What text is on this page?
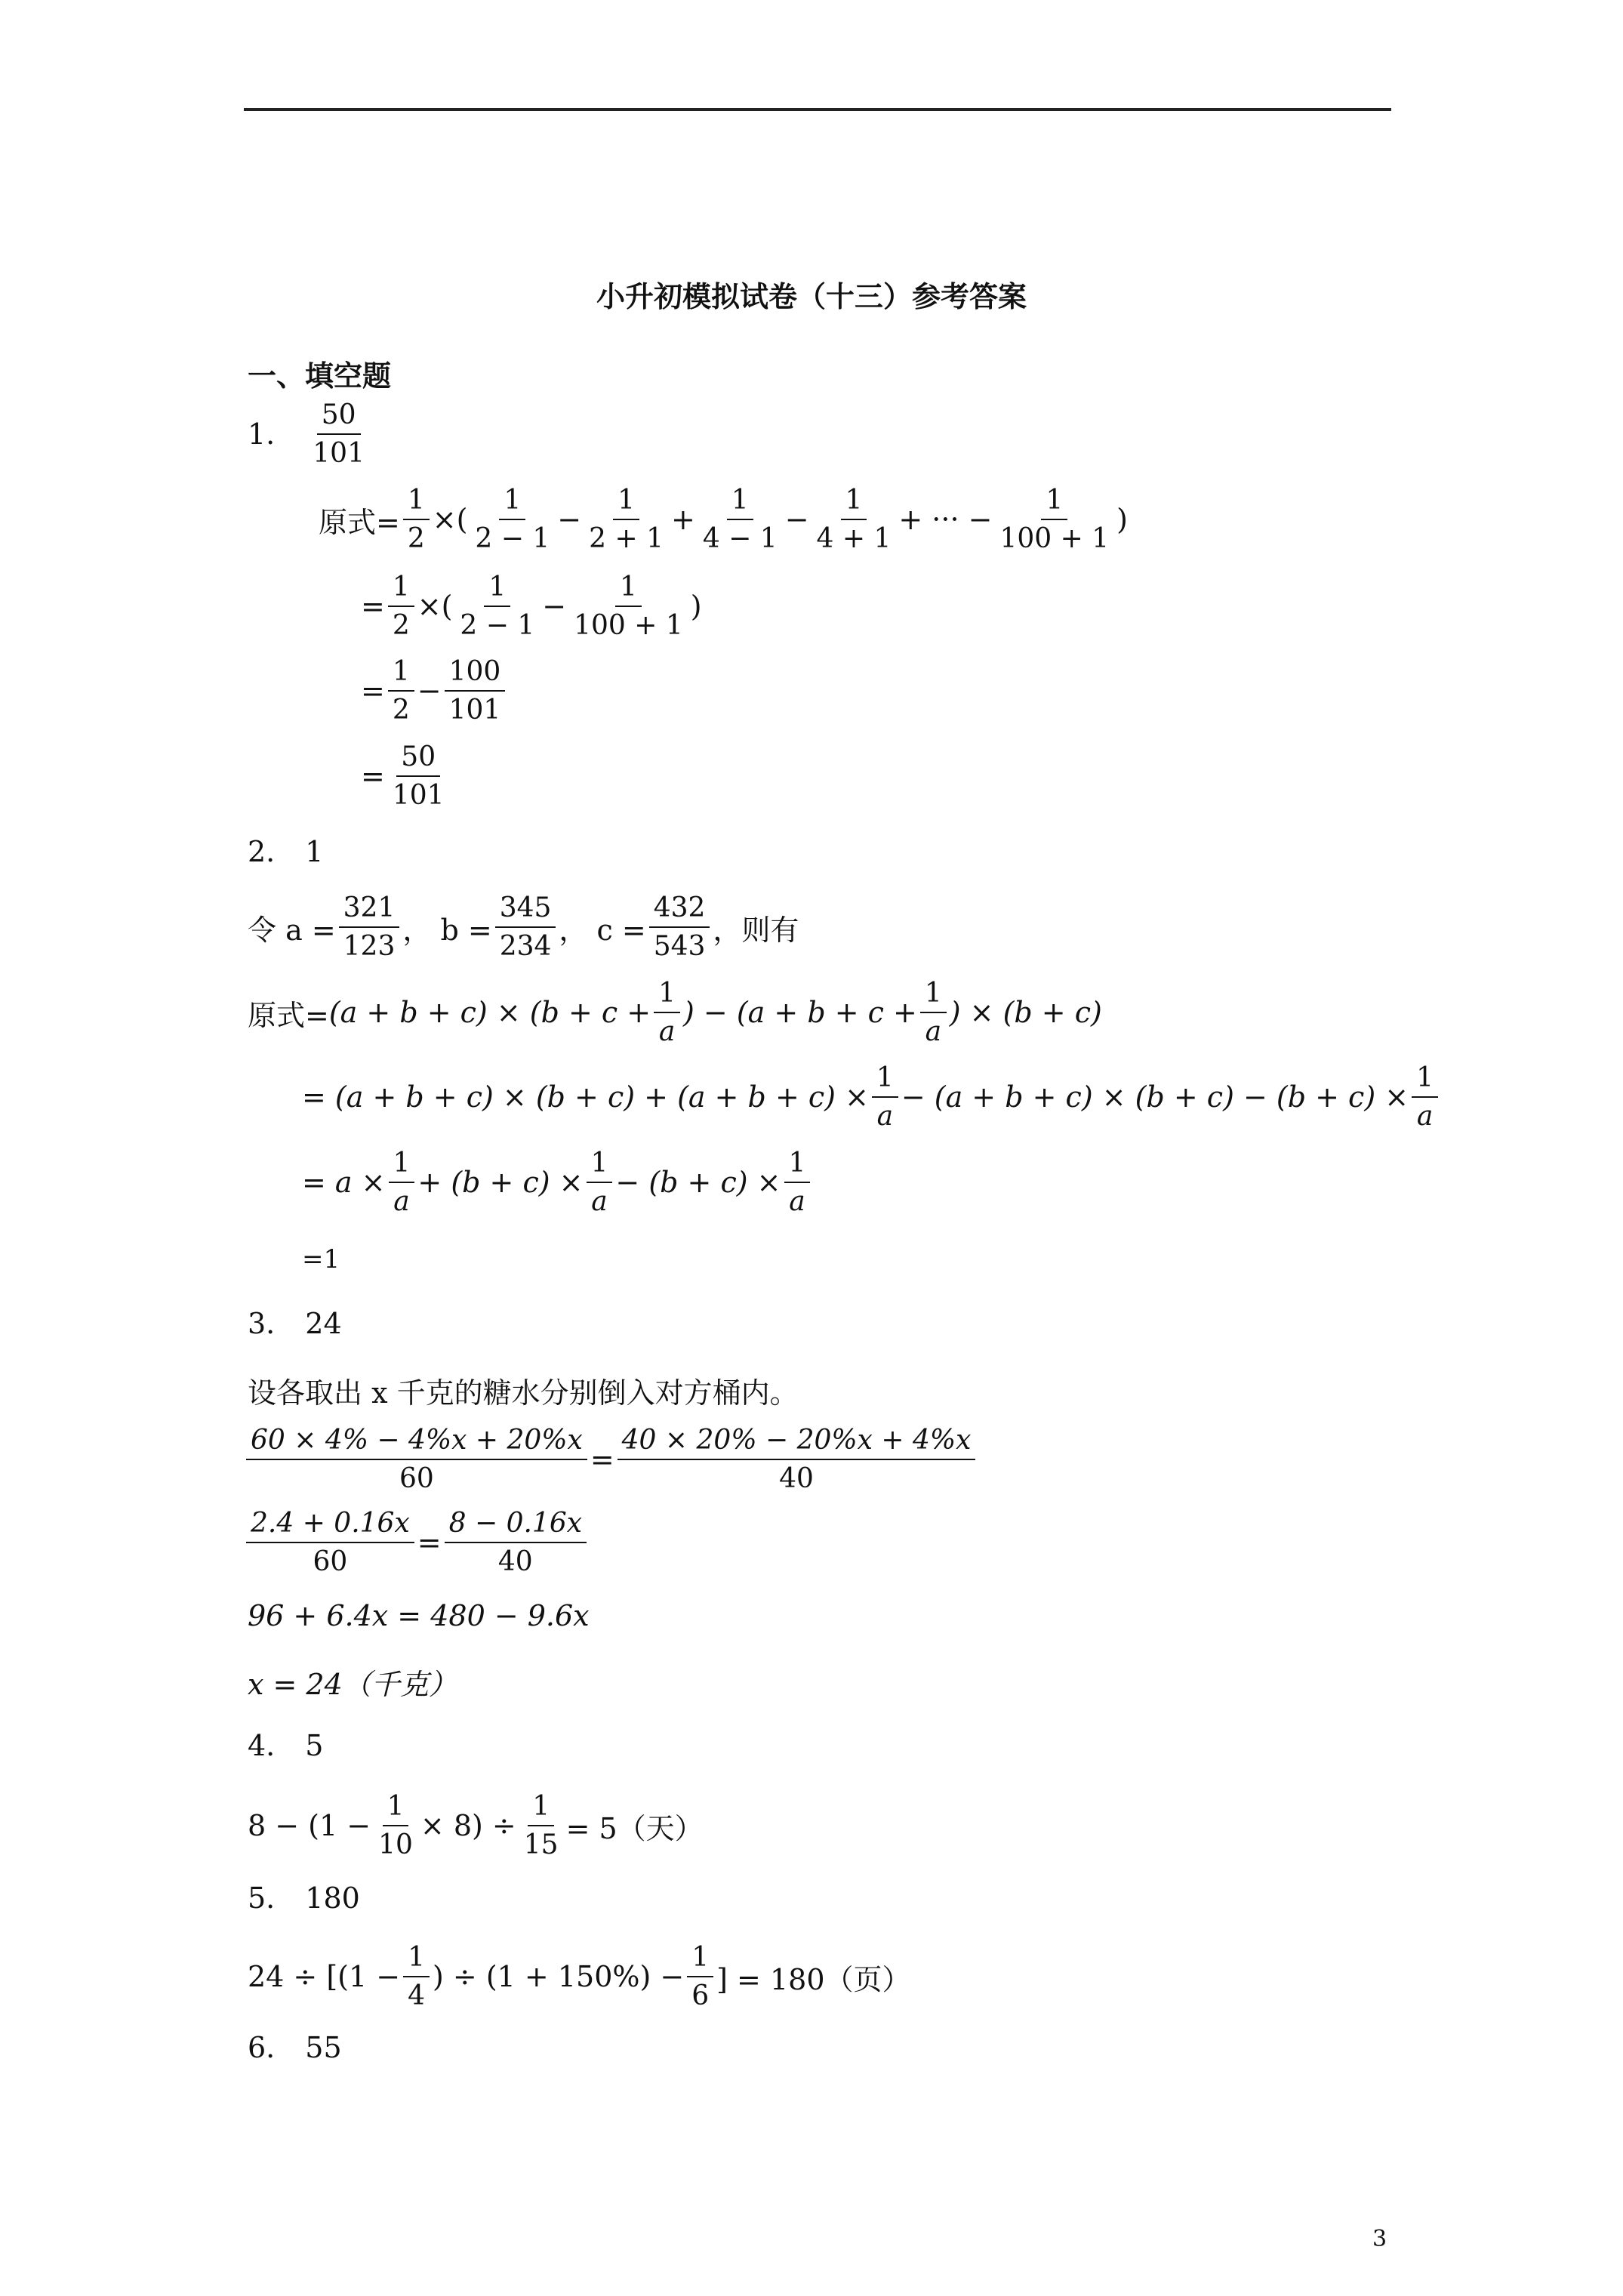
小升初模拟试卷（十三）参考答案
一、填空题
1. $\frac{50}{101}$
原式= $\frac{1}{2}$ ×( $\frac{1}{2 - 1} - \frac{1}{2 + 1} + \frac{1}{4 - 1} - \frac{1}{4 + 1}$ + ··· − $\frac{1}{100 + 1}$ )
= $\frac{1}{2}$ ×( $\frac{1}{2 - 1} - \frac{1}{100 + 1}$ )
= $\frac{1}{2} - \frac{100}{101}$
= $\frac{50}{101}$
2. 1
令 $a = \frac{321}{123}$ ， $b = \frac{345}{234}$ ， $c = \frac{432}{543}$ ，则有
原式= $(a + b + c) \times (b + c + \frac{1}{a}$ ) − ($a + b + c + \frac{1}{a}$ ) × (b + c)
= $(a + b + c) \times (b + c) + (a + b + c) \times \frac{1}{a} - (a + b + c) \times (b + c) - (b + c) \times \frac{1}{a}$
= $a \times \frac{1}{a} + (b + c) \times \frac{1}{a} - (b + c) \times \frac{1}{a}$
=1
3. 24
设各取出 x 千克的糖水分别倒入对方桶内。
$\frac{60 \times 4\% - 4\%x + 20\%x}{60} = \frac{40 \times 20\% - 20\%x + 4\%x}{40}$
$\frac{2.4 + 0.16x}{60} = \frac{8 - 0.16x}{40}$
96 + 6.4x = 480 − 9.6x
x = 24（千克）
4. 5
$8 - (1 - \frac{1}{10} \times 8) \div \frac{1}{15} = 5$（天）
5. 180
$24 \div [(1 - \frac{1}{4}$ ) ÷ $(1 + 150\%) - \frac{1}{6}$ ] = 180（页）
6. 55
3
